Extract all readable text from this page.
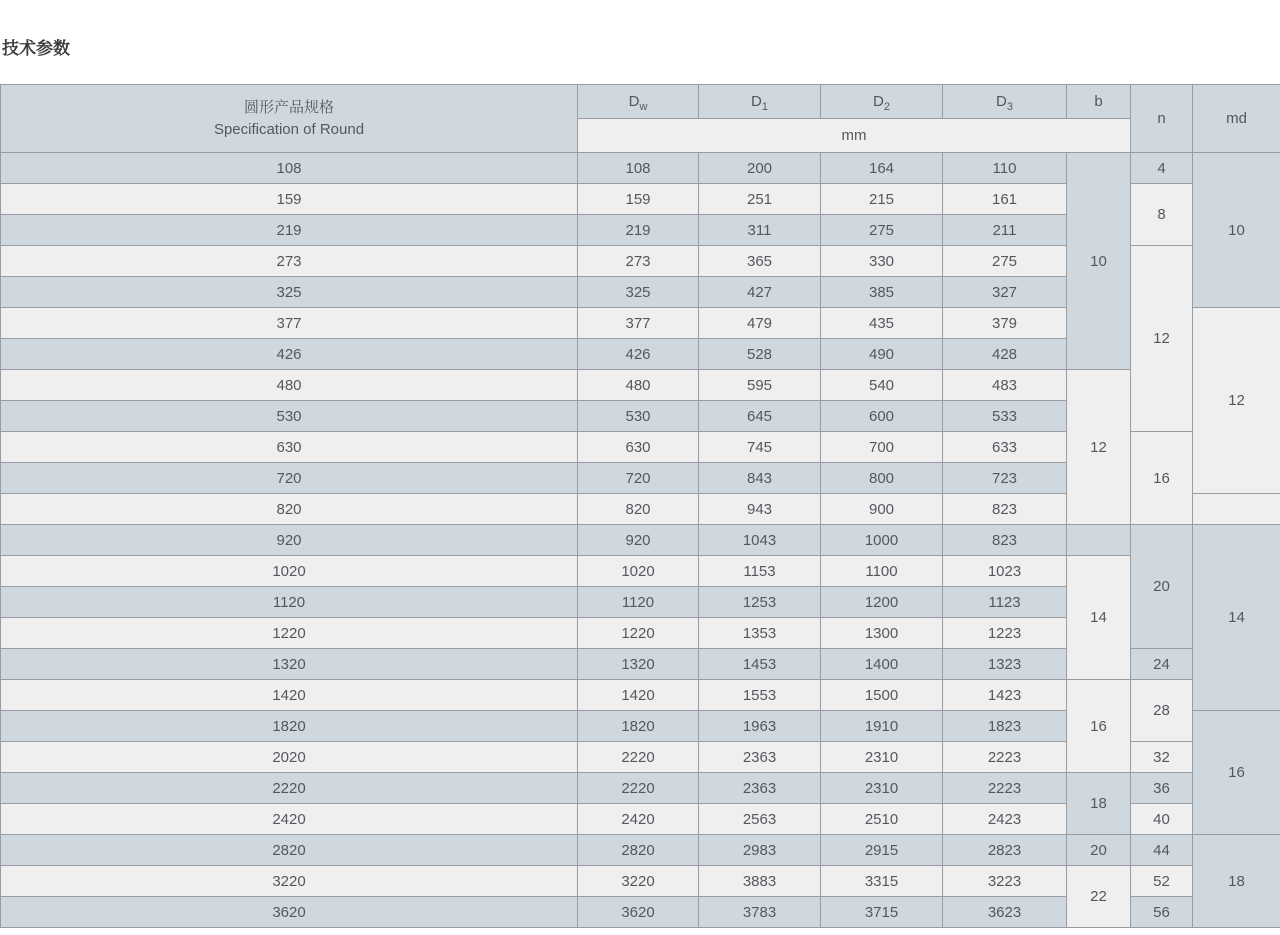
技术参数
圆形产品规格
Specification of Round	$D_w$	$D_1$	$D_2$	$D_3$	b	n	md
	mm						
108	108	200	164	110	10	4	10
159	159	251	215	161		8	
219	219	311	275	211			
273	273	365	330	275		12	
325	325	427	385	327			
377	377	479	435	379			12
426	426	528	490	428			
480	480	595	540	483	12		
530	530	645	600	533			
630	630	745	700	633		16	
720	720	843	800	723			
820	820	943	900	823			
920	920	1043	1000	823		20	14
1020	1020	1153	1100	1023	14		
1120	1120	1253	1200	1123			
1220	1220	1353	1300	1223			
1320	1320	1453	1400	1323		24	
1420	1420	1553	1500	1423	16	28	
1820	1820	1963	1910	1823			16
2020	2220	2363	2310	2223		32	
2220	2220	2363	2310	2223	18	36	
2420	2420	2563	2510	2423		40	
2820	2820	2983	2915	2823	20	44	18
3220	3220	3883	3315	3223	22	52	
3620	3620	3783	3715	3623		56	
